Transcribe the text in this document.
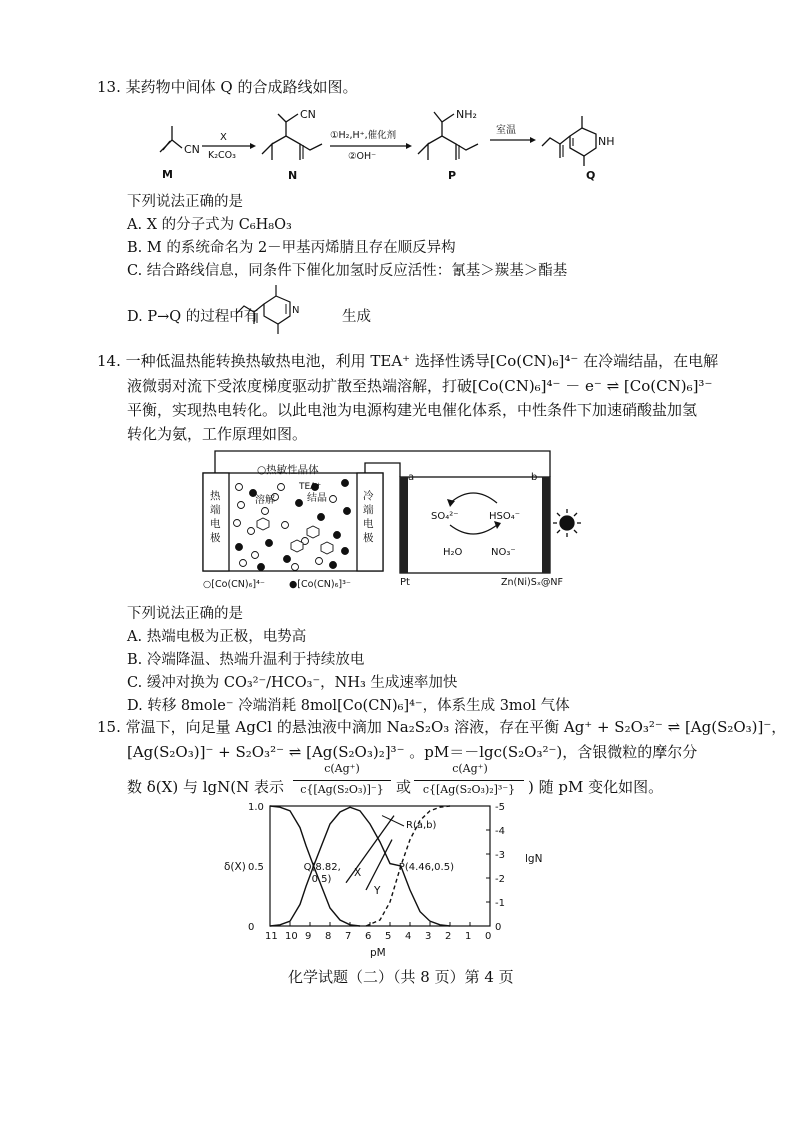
13. 某药物中间体 Q 的合成路线如图。
CN
M
X
K₂CO₃
CN
N
①H₂,H⁺,催化剂
②OH⁻
NH₂
P
室温
NH
Q
下列说法正确的是
A. X 的分子式为 C₆H₈O₃
B. M 的系统命名为 2－甲基丙烯腈且存在顺反异构
C. 结合路线信息，同条件下催化加氢时反应活性：氰基＞羰基＞酯基
D. P→Q 的过程中有	N	生成
14. 一种低温热能转换热敏热电池，利用 TEA⁺ 选择性诱导[Co(CN)₆]⁴⁻ 在冷端结晶，在电解
液微弱对流下受浓度梯度驱动扩散至热端溶解，打破[Co(CN)₆]⁴⁻ － e⁻ ⇌ [Co(CN)₆]³⁻
平衡，实现热电转化。以此电池为电源构建光电催化体系，中性条件下加速硝酸盐加氢
转化为氨，工作原理如图。
○热敏性晶体
热端电极
冷端电极
TEA⁺
溶解	结晶
○[Co(CN)₆]⁴⁻	●[Co(CN)₆]³⁻
a	b
SO₄²⁻	HSO₄⁻
H₂O	NO₃⁻
Pt	Zn(Ni)Sₓ@NF
下列说法正确的是
A. 热端电极为正极，电势高
B. 冷端降温、热端升温利于持续放电
C. 缓冲对换为 CO₃²⁻/HCO₃⁻，NH₃ 生成速率加快
D. 转移 8mole⁻ 冷端消耗 8mol[Co(CN)₆]⁴⁻，体系生成 3mol 气体
15. 常温下，向足量 AgCl 的悬浊液中滴加 Na₂S₂O₃ 溶液，存在平衡 Ag⁺ + S₂O₃²⁻ ⇌ [Ag(S₂O₃)]⁻，
[Ag(S₂O₃)]⁻ + S₂O₃²⁻ ⇌ [Ag(S₂O₃)₂]³⁻ 。pM＝－lgc(S₂O₃²⁻)，含银微粒的摩尔分
数 δ(X) 与 lgN(N 表示
c(Ag⁺)
c{[Ag(S₂O₃)]⁻} 或
c(Ag⁺)
c{[Ag(S₂O₃)₂]³⁻} ) 随 pM 变化如图。
11 10 9 8 7 6 5 4 3 2 1 0
1.0
0.5
0
-5
-4
-3
-2
-1
0
Q(8.82,
0.5)
P(4.46,0.5)
R(a,b)
X
Y
δ(X)
lgN
pM
化学试题（二）（共 8 页）第 4 页
